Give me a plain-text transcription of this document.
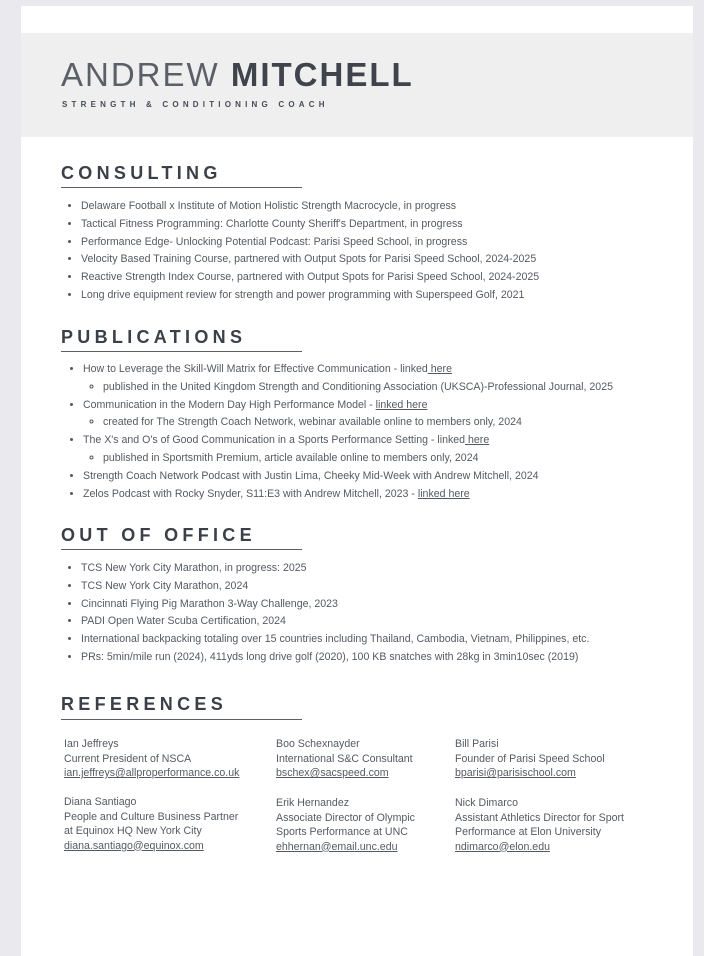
ANDREW MITCHELL
STRENGTH & CONDITIONING COACH
CONSULTING
• Delaware Football x Institute of Motion Holistic Strength Macrocycle, in progress
• Tactical Fitness Programming: Charlotte County Sheriff's Department, in progress
• Performance Edge- Unlocking Potential Podcast: Parisi Speed School, in progress
• Velocity Based Training Course, partnered with Output Spots for Parisi Speed School, 2024-2025
• Reactive Strength Index Course, partnered with Output Spots for Parisi Speed School, 2024-2025
• Long drive equipment review for strength and power programming with Superspeed Golf, 2021
PUBLICATIONS
• How to Leverage the Skill-Will Matrix for Effective Communication - linked here
◦ published in the United Kingdom Strength and Conditioning Association (UKSCA)-Professional Journal, 2025
• Communication in the Modern Day High Performance Model - linked here
◦ created for The Strength Coach Network, webinar available online to members only, 2024
• The X's and O's of Good Communication in a Sports Performance Setting - linked here
◦ published in Sportsmith Premium, article available online to members only, 2024
• Strength Coach Network Podcast with Justin Lima, Cheeky Mid-Week with Andrew Mitchell, 2024
• Zelos Podcast with Rocky Snyder, S11:E3 with Andrew Mitchell, 2023 - linked here
OUT OF OFFICE
• TCS New York City Marathon, in progress: 2025
• TCS New York City Marathon, 2024
• Cincinnati Flying Pig Marathon 3-Way Challenge, 2023
• PADI Open Water Scuba Certification, 2024
• International backpacking totaling over 15 countries including Thailand, Cambodia, Vietnam, Philippines, etc.
• PRs: 5min/mile run (2024), 411yds long drive golf (2020), 100 KB snatches with 28kg in 3min10sec (2019)
REFERENCES
Ian Jeffreys
Current President of NSCA
ian.jeffreys@allproperformance.co.uk
Boo Schexnayder
International S&C Consultant
bschex@sacspeed.com
Bill Parisi
Founder of Parisi Speed School
bparisi@parisischool.com
Diana Santiago
People and Culture Business Partner
at Equinox HQ New York City
diana.santiago@equinox.com
Erik Hernandez
Associate Director of Olympic
Sports Performance at UNC
ehhernan@email.unc.edu
Nick Dimarco
Assistant Athletics Director for Sport
Performance at Elon University
ndimarco@elon.edu
